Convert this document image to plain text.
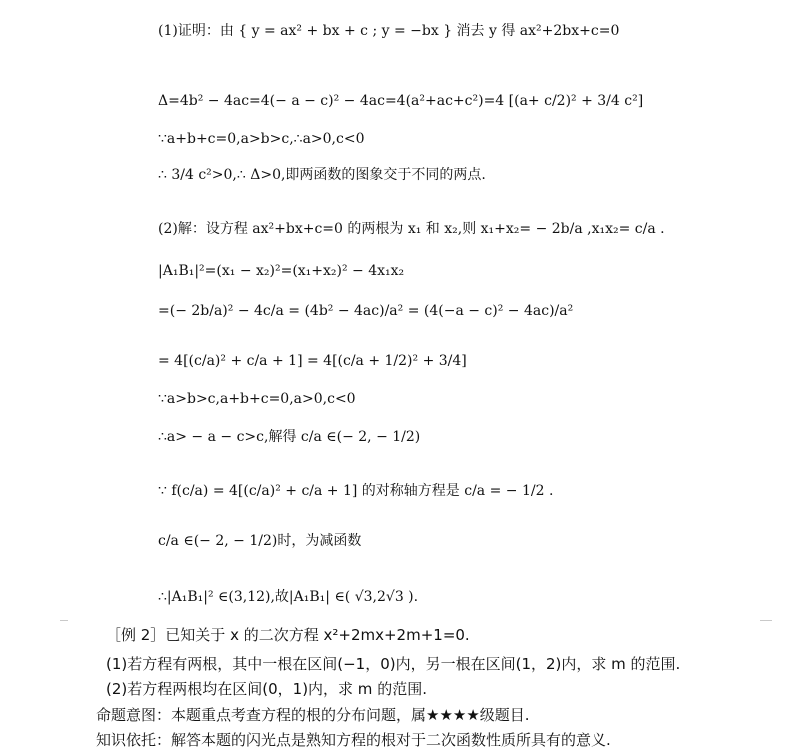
(1)证明：由 { y = ax² + bx + c ; y = −bx } 消去 y 得 ax²+2bx+c=0
Δ=4b² − 4ac=4(− a − c)² − 4ac=4(a²+ac+c²)=4 [(a+ c/2)² + 3/4 c²]
∵a+b+c=0,a>b>c,∴a>0,c<0
∴ 3/4 c²>0,∴ Δ>0,即两函数的图象交于不同的两点.
(2)解：设方程 ax²+bx+c=0 的两根为 x₁ 和 x₂,则 x₁+x₂= − 2b/a ,x₁x₂= c/a .
|A₁B₁|²=(x₁ − x₂)²=(x₁+x₂)² − 4x₁x₂
=(− 2b/a)² − 4c/a = (4b² − 4ac)/a² = (4(−a − c)² − 4ac)/a²
= 4[(c/a)² + c/a + 1] = 4[(c/a + 1/2)² + 3/4]
∵a>b>c,a+b+c=0,a>0,c<0
∴a> − a − c>c,解得 c/a ∈(− 2, − 1/2)
∵ f(c/a) = 4[(c/a)² + c/a + 1] 的对称轴方程是 c/a = − 1/2 .
c/a ∈(− 2, − 1/2)时，为减函数
∴|A₁B₁|² ∈(3,12),故|A₁B₁| ∈( √3,2√3 ).
［例 2］已知关于 x 的二次方程 x²+2mx+2m+1=0.
(1)若方程有两根，其中一根在区间(−1，0)内，另一根在区间(1，2)内，求 m 的范围.
(2)若方程两根均在区间(0，1)内，求 m 的范围.
命题意图：本题重点考查方程的根的分布问题，属★★★★级题目.
知识依托：解答本题的闪光点是熟知方程的根对于二次函数性质所具有的意义.
